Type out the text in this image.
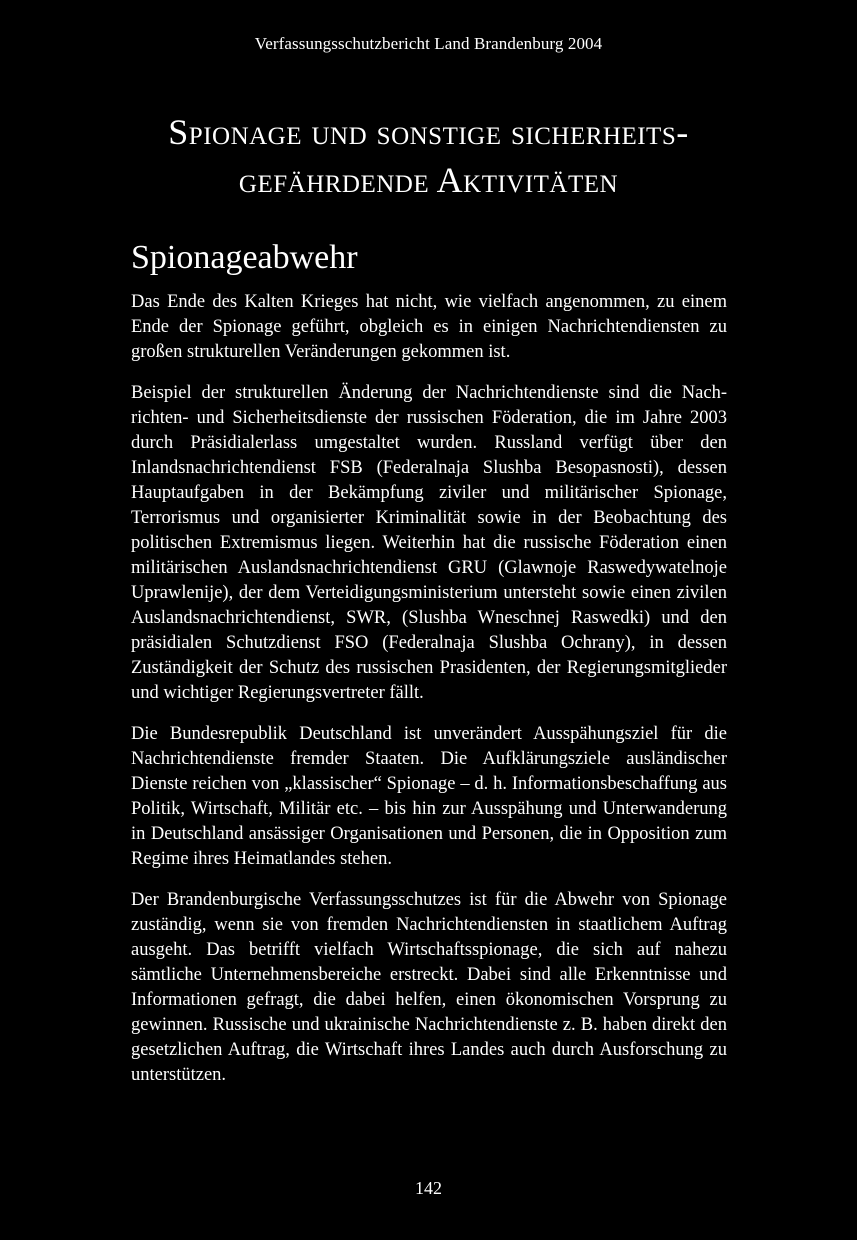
Verfassungsschutzbericht Land Brandenburg 2004
Spionage und sonstige sicherheits-
gefährdende Aktivitäten
Spionageabwehr

Das Ende des Kalten Krieges hat nicht, wie vielfach angenommen, zu einem Ende der Spionage geführt, obgleich es in einigen Nachrichtendiensten zu großen strukturellen Veränderungen gekommen ist.

Beispiel der strukturellen Änderung der Nachrichtendienste sind die Nachrichten- und Sicherheitsdienste der russischen Föderation, die im Jahre 2003 durch Präsidialerlass umgestaltet wurden. Russland verfügt über den Inlandsnachrichtendienst FSB (Federalnaja Slushba Besopasnosti), dessen Hauptaufgaben in der Bekämpfung ziviler und militärischer Spionage, Terrorismus und organisierter Kriminalität sowie in der Beobachtung des politischen Extremismus liegen. Weiterhin hat die russische Föderation einen militärischen Auslandsnachrichtendienst GRU (Glawnoje Raswedywatelnoje Uprawlenije), der dem Verteidigungsministerium untersteht sowie einen zivilen Auslandsnachrichtendienst, SWR, (Slushba Wneschnej Raswedki) und den präsidialen Schutzdienst FSO (Federalnaja Slushba Ochrany), in dessen Zuständigkeit der Schutz des russischen Prasidenten, der Regierungsmitglieder und wichtiger Regierungsvertreter fällt.

Die Bundesrepublik Deutschland ist unverändert Ausspähungsziel für die Nachrichtendienste fremder Staaten. Die Aufklärungsziele ausländischer Dienste reichen von „klassischer“ Spionage – d. h. Informationsbeschaffung aus Politik, Wirtschaft, Militär etc. – bis hin zur Ausspähung und Unterwanderung in Deutschland ansässiger Organisationen und Personen, die in Opposition zum Regime ihres Heimatlandes stehen.

Der Brandenburgische Verfassungsschutzes ist für die Abwehr von Spionage zuständig, wenn sie von fremden Nachrichtendiensten in staatlichem Auftrag ausgeht. Das betrifft vielfach Wirtschaftsspionage, die sich auf nahezu sämtliche Unternehmensbereiche erstreckt. Dabei sind alle Erkenntnisse und Informationen gefragt, die dabei helfen, einen ökonomischen Vorsprung zu gewinnen. Russische und ukrainische Nachrichtendienste z. B. haben direkt den gesetzlichen Auftrag, die Wirtschaft ihres Landes auch durch Ausforschung zu unterstützen.

142
